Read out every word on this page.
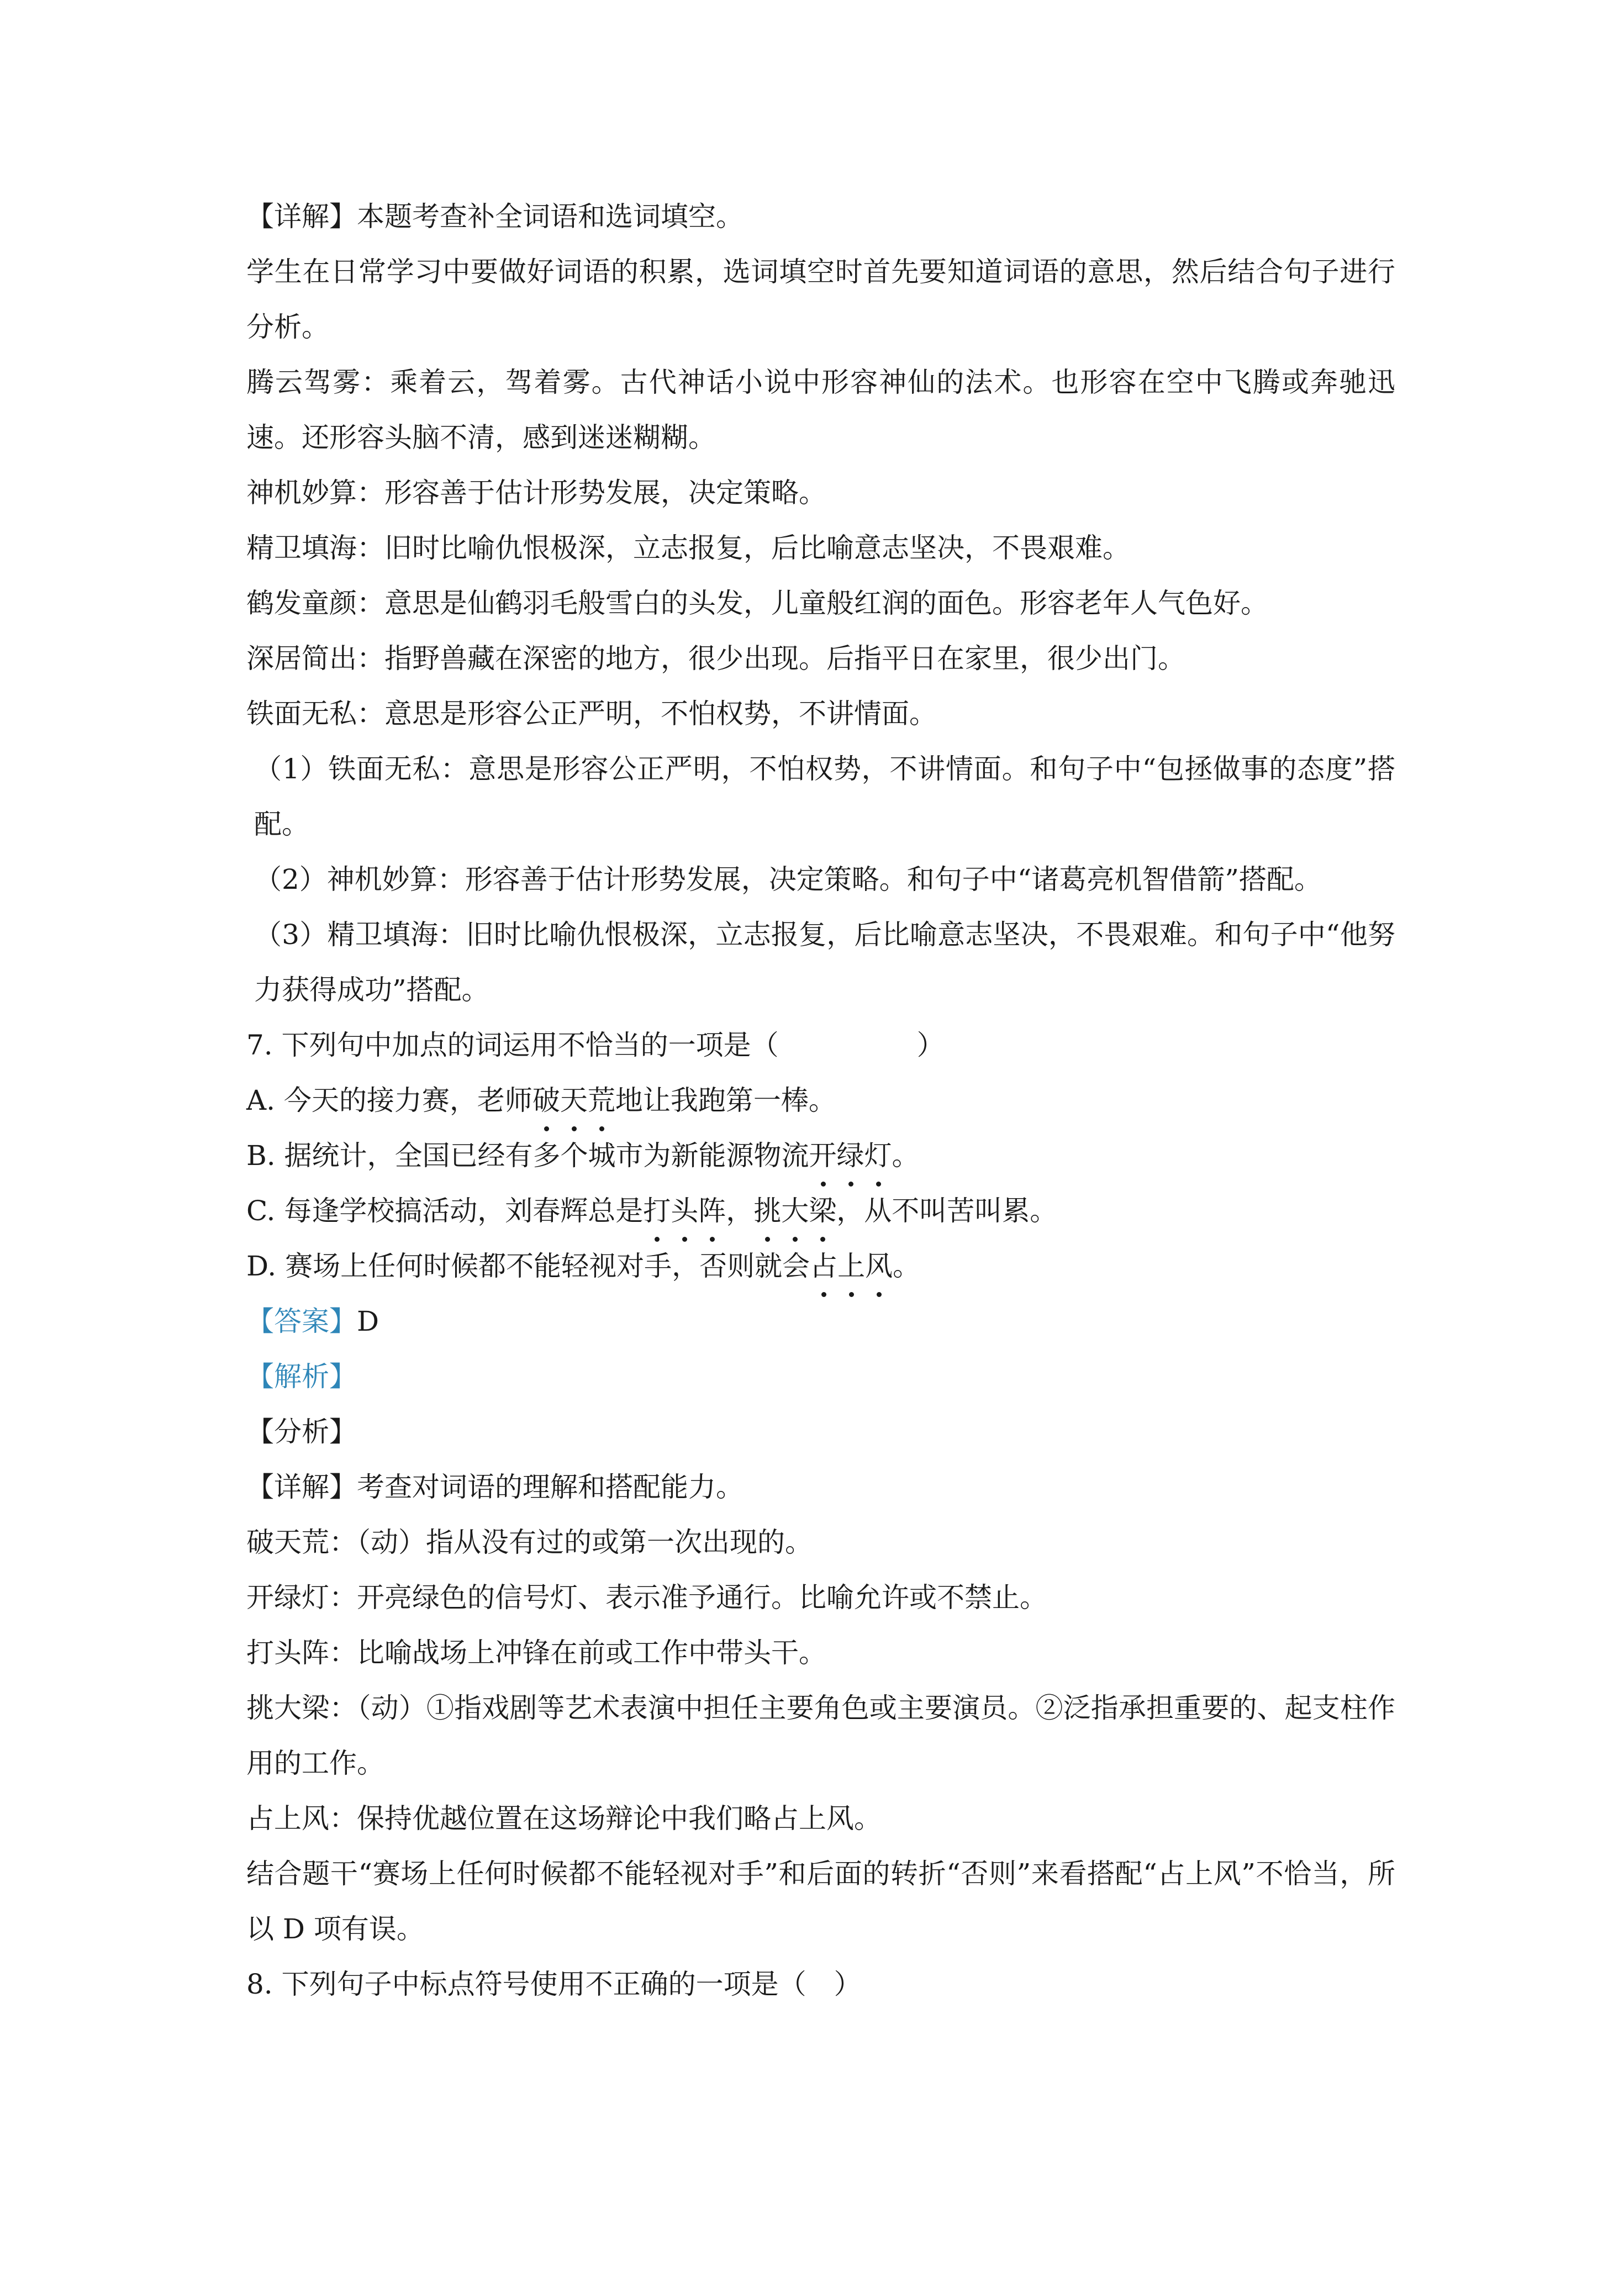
【详解】本题考查补全词语和选词填空。
学生在日常学习中要做好词语的积累，选词填空时首先要知道词语的意思，然后结合句子进行分析。
腾云驾雾：乘着云，驾着雾。古代神话小说中形容神仙的法术。也形容在空中飞腾或奔驰迅速。还形容头脑不清，感到迷迷糊糊。
神机妙算：形容善于估计形势发展，决定策略。
精卫填海：旧时比喻仇恨极深，立志报复，后比喻意志坚决，不畏艰难。
鹤发童颜：意思是仙鹤羽毛般雪白的头发，儿童般红润的面色。形容老年人气色好。
深居简出：指野兽藏在深密的地方，很少出现。后指平日在家里，很少出门。
铁面无私：意思是形容公正严明，不怕权势，不讲情面。
（1）铁面无私：意思是形容公正严明，不怕权势，不讲情面。和句子中“包拯做事的态度”搭配。
（2）神机妙算：形容善于估计形势发展，决定策略。和句子中“诸葛亮机智借箭”搭配。
（3）精卫填海：旧时比喻仇恨极深，立志报复，后比喻意志坚决，不畏艰难。和句子中“他努力获得成功”搭配。
7. 下列句中加点的词运用不恰当的一项是（　　　　　）
A. 今天的接力赛，老师破天荒地让我跑第一棒。
B. 据统计，全国已经有多个城市为新能源物流开绿灯。
C. 每逢学校搞活动，刘春辉总是打头阵，挑大梁，从不叫苦叫累。
D. 赛场上任何时候都不能轻视对手，否则就会占上风。
【答案】D
【解析】
【分析】
【详解】考查对词语的理解和搭配能力。
破天荒：（动）指从没有过的或第一次出现的。
开绿灯：开亮绿色的信号灯、表示准予通行。比喻允许或不禁止。
打头阵：比喻战场上冲锋在前或工作中带头干。
挑大梁：（动）①指戏剧等艺术表演中担任主要角色或主要演员。②泛指承担重要的、起支柱作用的工作。
占上风：保持优越位置在这场辩论中我们略占上风。
结合题干“赛场上任何时候都不能轻视对手”和后面的转折“否则”来看搭配“占上风”不恰当，所以 D 项有误。
8. 下列句子中标点符号使用不正确的一项是（　）
